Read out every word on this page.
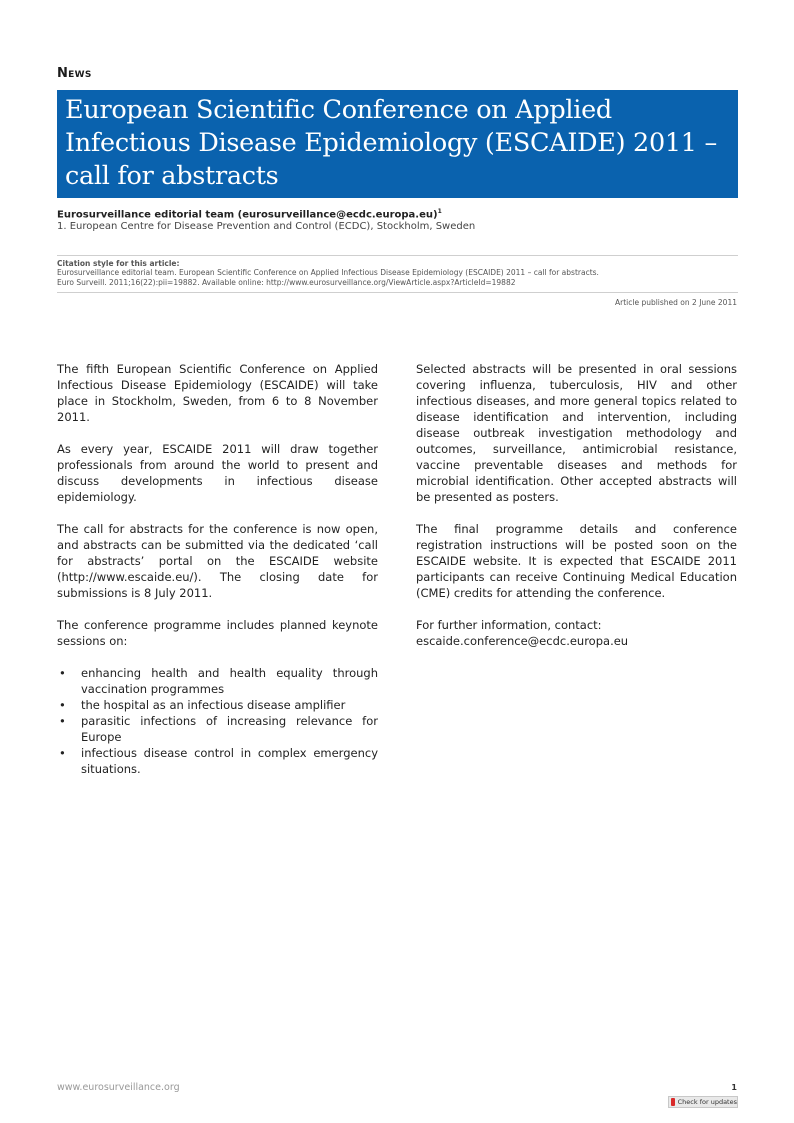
News
European Scientific Conference on Applied Infectious Disease Epidemiology (ESCAIDE) 2011 – call for abstracts
Eurosurveillance editorial team (eurosurveillance@ecdc.europa.eu)$^1$
1. European Centre for Disease Prevention and Control (ECDC), Stockholm, Sweden
Citation style for this article:
Eurosurveillance editorial team. European Scientific Conference on Applied Infectious Disease Epidemiology (ESCAIDE) 2011 – call for abstracts.
Euro Surveill. 2011;16(22):pii=19882. Available online: http://www.eurosurveillance.org/ViewArticle.aspx?ArticleId=19882
Article published on 2 June 2011

The fifth European Scientific Conference on Applied Infectious Disease Epidemiology (ESCAIDE) will take place in Stockholm, Sweden, from 6 to 8 November 2011.

As every year, ESCAIDE 2011 will draw together professionals from around the world to present and discuss developments in infectious disease epidemiology.

The call for abstracts for the conference is now open, and abstracts can be submitted via the dedicated ‘call for abstracts’ portal on the ESCAIDE website (http://www.escaide.eu/). The closing date for submissions is 8 July 2011.

The conference programme includes planned keynote sessions on:

• enhancing health and health equality through vaccination programmes
• the hospital as an infectious disease amplifier
• parasitic infections of increasing relevance for Europe
• infectious disease control in complex emergency situations.

Selected abstracts will be presented in oral sessions covering influenza, tuberculosis, HIV and other infectious diseases, and more general topics related to disease identification and intervention, including disease outbreak investigation methodology and outcomes, surveillance, antimicrobial resistance, vaccine preventable diseases and methods for microbial identification. Other accepted abstracts will be presented as posters.

The final programme details and conference registration instructions will be posted soon on the ESCAIDE website. It is expected that ESCAIDE 2011 participants can receive Continuing Medical Education (CME) credits for attending the conference.

For further information, contact:
escaide.conference@ecdc.europa.eu

www.eurosurveillance.org	1
Check for updates
